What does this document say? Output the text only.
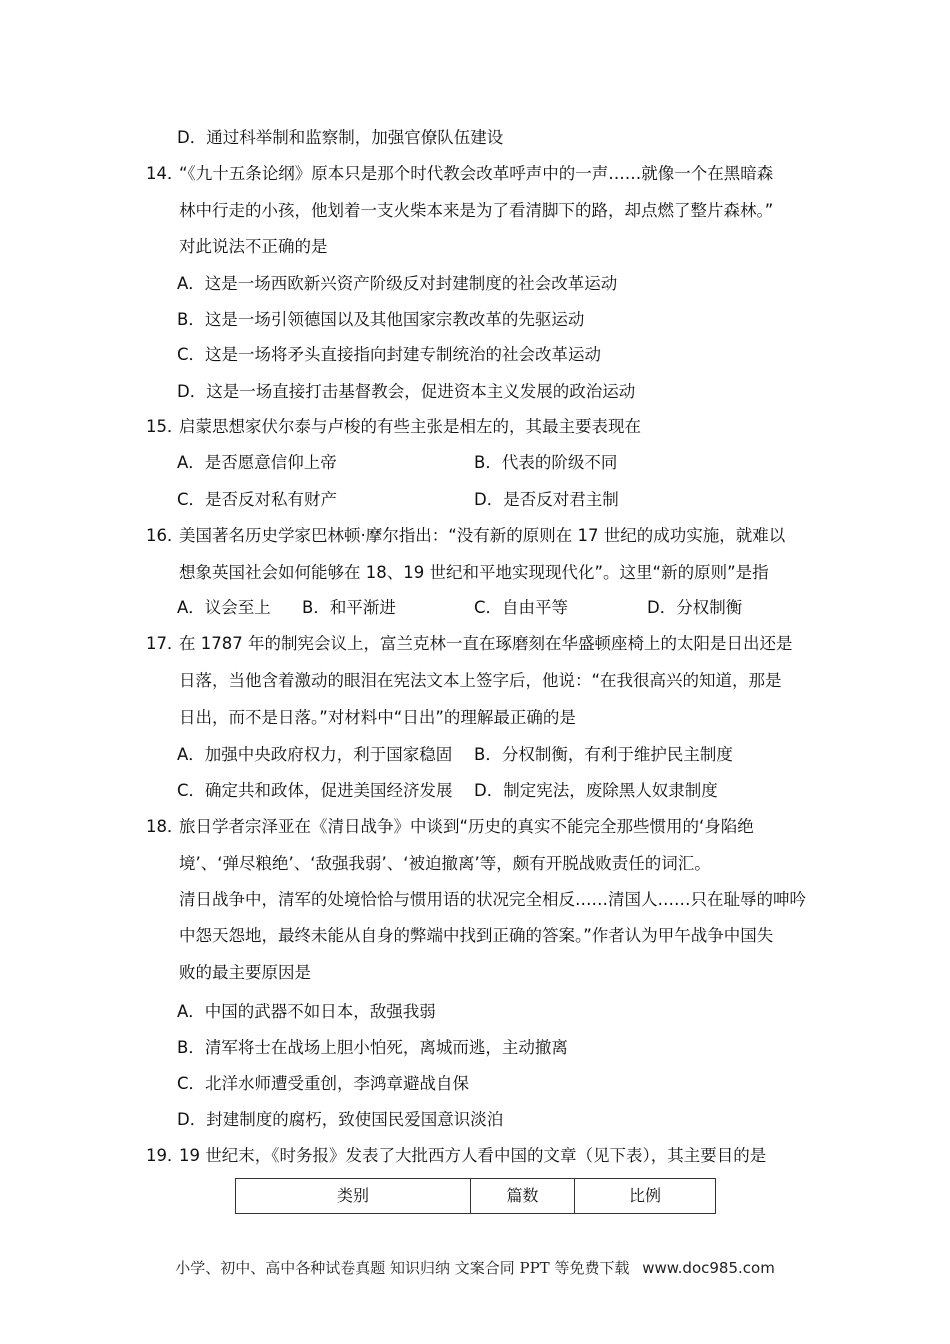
D．通过科举制和监察制，加强官僚队伍建设
14．
“《九十五条论纲》原本只是那个时代教会改革呼声中的一声……就像一个在黑暗森
林中行走的小孩，他划着一支火柴本来是为了看清脚下的路，却点燃了整片森林。”
对此说法不正确的是
A．这是一场西欧新兴资产阶级反对封建制度的社会改革运动
B．这是一场引领德国以及其他国家宗教改革的先驱运动
C．这是一场将矛头直接指向封建专制统治的社会改革运动
D．这是一场直接打击基督教会，促进资本主义发展的政治运动
15．
启蒙思想家伏尔泰与卢梭的有些主张是相左的，其最主要表现在
A．是否愿意信仰上帝	B．代表的阶级不同
C．是否反对私有财产	D．是否反对君主制
16．
美国著名历史学家巴林顿·摩尔指出：“没有新的原则在 17 世纪的成功实施，就难以
想象英国社会如何能够在 18、19 世纪和平地实现现代化”。这里“新的原则”是指
A．议会至上 B．和平渐进	C．自由平等	D．分权制衡
17．
在 1787 年的制宪会议上，富兰克林一直在琢磨刻在华盛顿座椅上的太阳是日出还是
日落，当他含着激动的眼泪在宪法文本上签字后，他说：“在我很高兴的知道，那是
日出，而不是日落。”对材料中“日出”的理解最正确的是
A．加强中央政府权力，利于国家稳固 B．分权制衡，有利于维护民主制度
C．确定共和政体，促进美国经济发展 D．制定宪法，废除黑人奴隶制度
18．
旅日学者宗泽亚在《清日战争》中谈到“历史的真实不能完全那些惯用的‘身陷绝
境’、‘弹尽粮绝’、‘敌强我弱’、‘被迫撤离’等，颇有开脱战败责任的词汇。
清日战争中，清军的处境恰恰与惯用语的状况完全相反……清国人……只在耻辱的呻吟
中怨天怨地，最终未能从自身的弊端中找到正确的答案。”作者认为甲午战争中国失
败的最主要原因是
A．中国的武器不如日本，敌强我弱
B．清军将士在战场上胆小怕死，离城而逃，主动撤离
C．北洋水师遭受重创，李鸿章避战自保
D．封建制度的腐朽，致使国民爱国意识淡泊
19．
19 世纪末，《时务报》发表了大批西方人看中国的文章（见下表），其主要目的是
类别	篇数	比例
小学、初中、高中各种试卷真题 知识归纳 文案合同 PPT 等免费下载 www.doc985.com
